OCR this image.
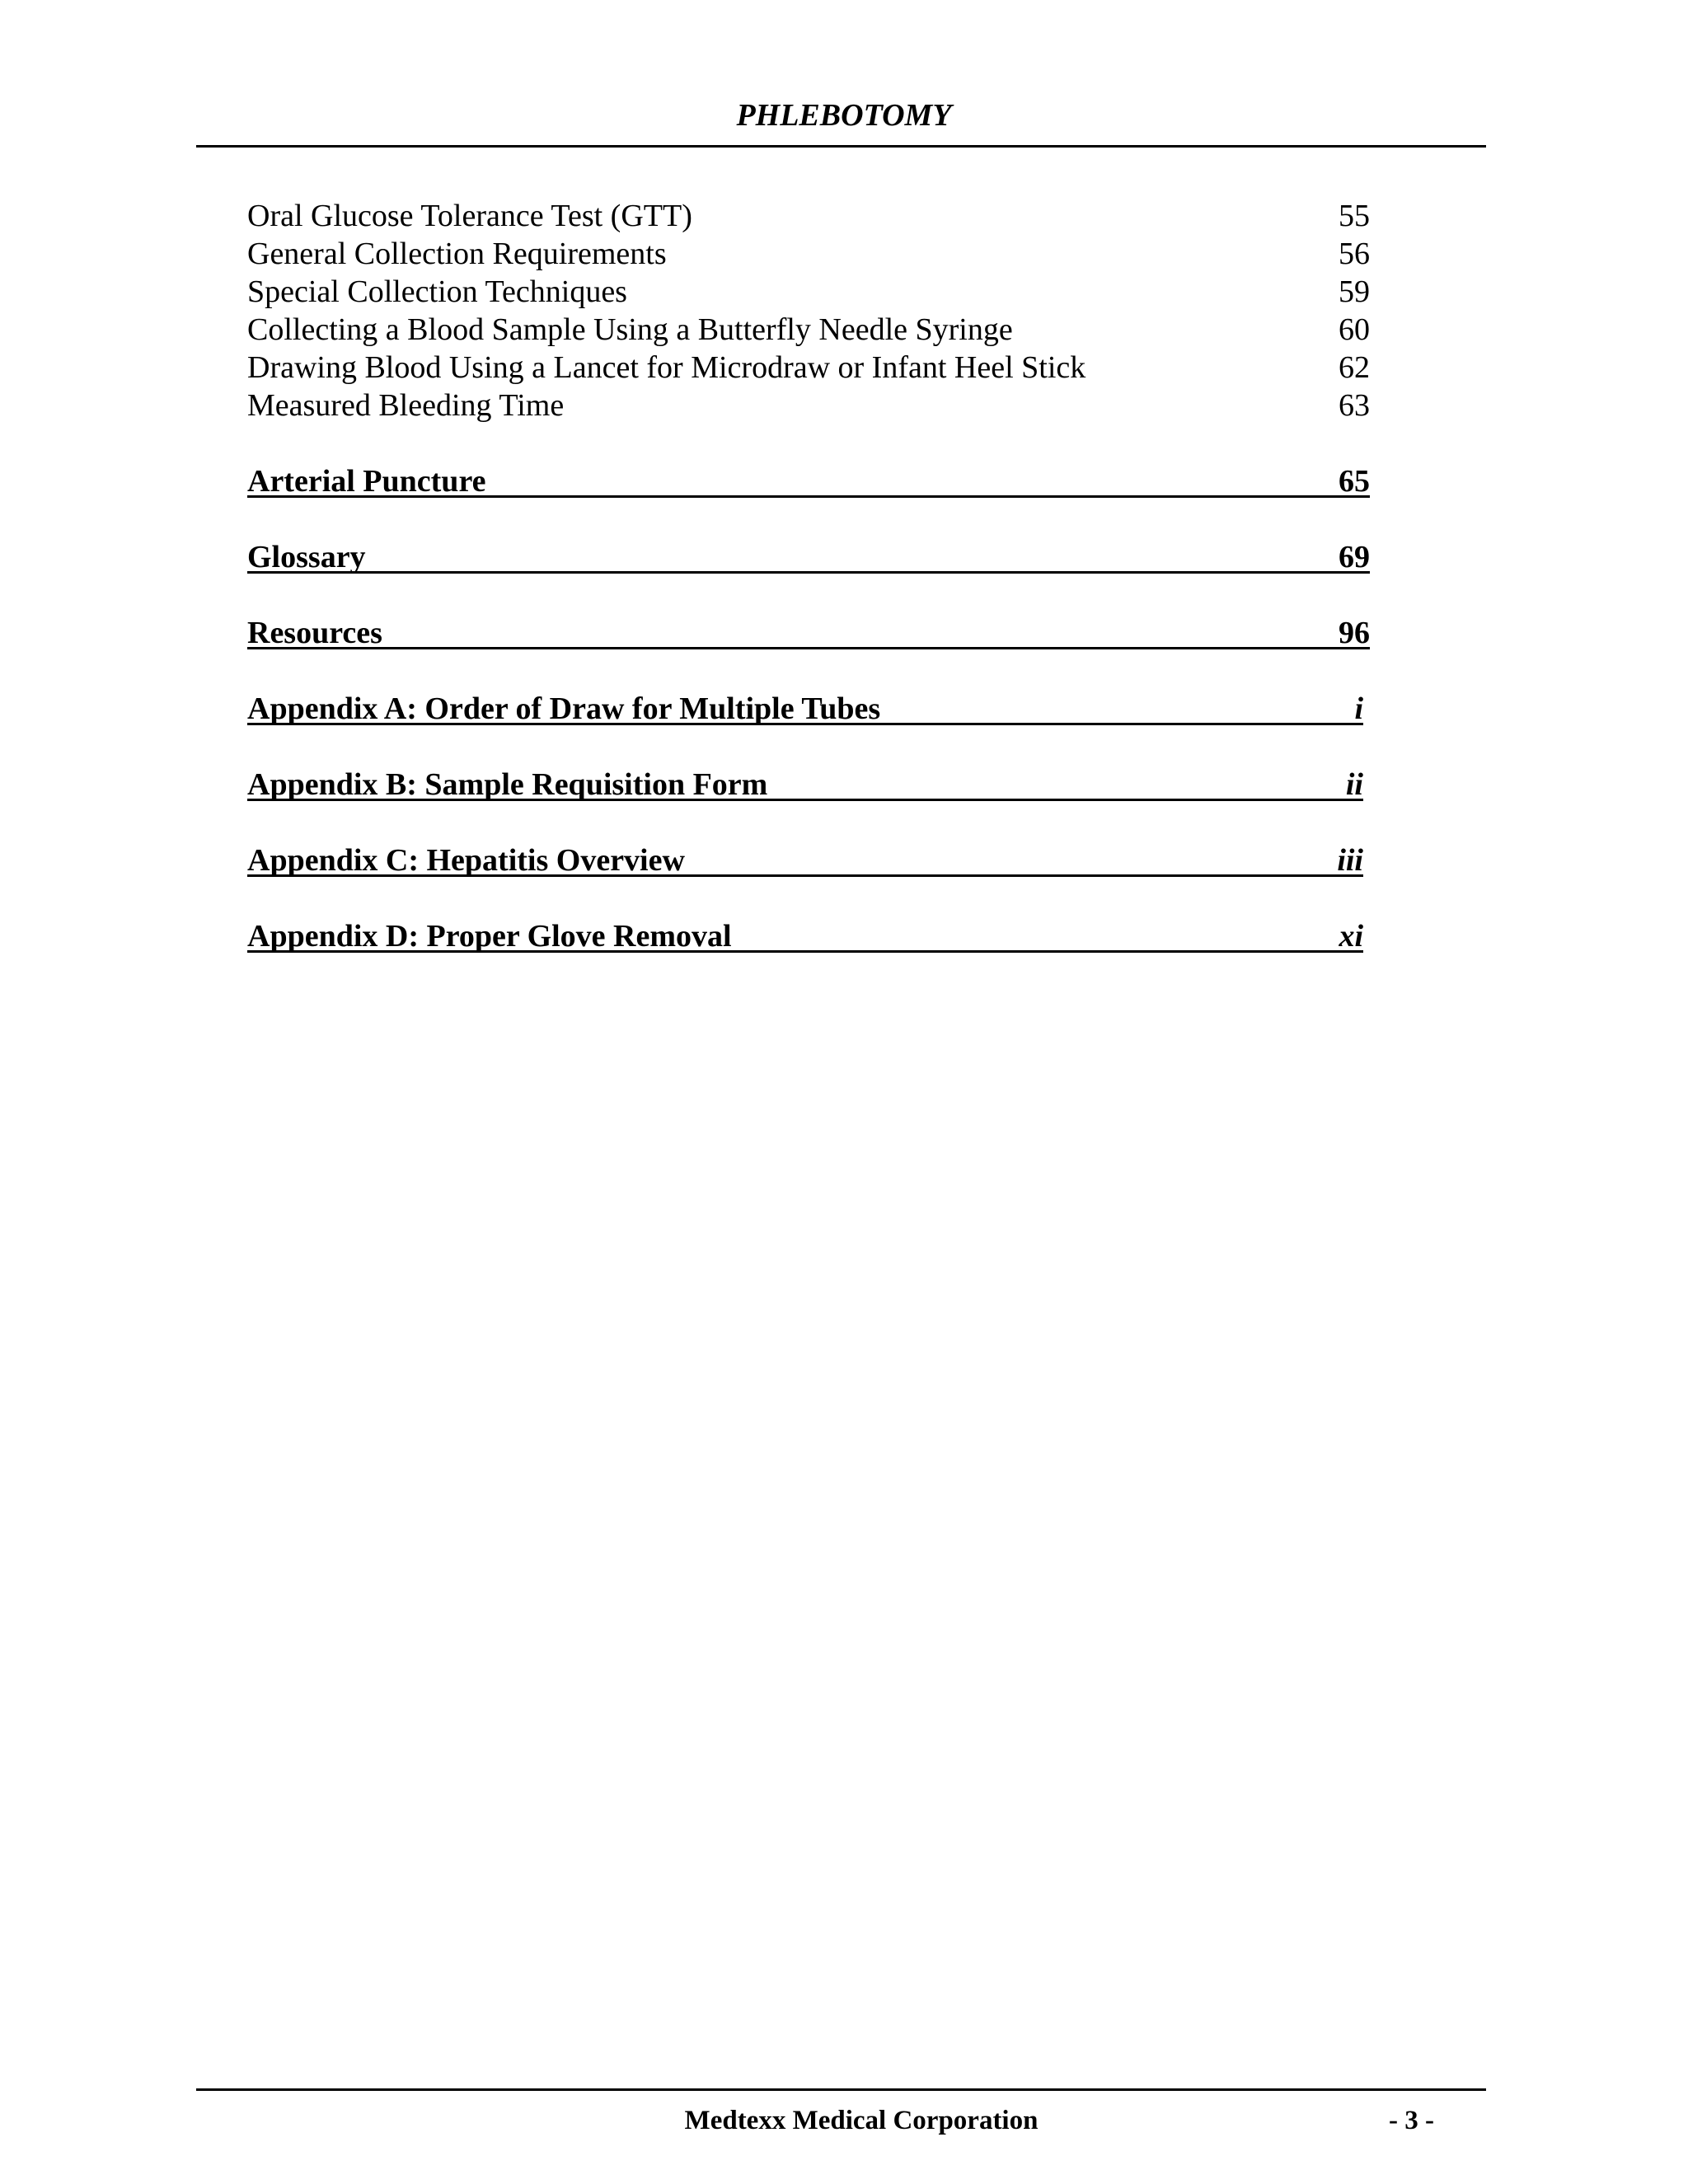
PHLEBOTOMY
Oral Glucose Tolerance Test (GTT)	55
General Collection Requirements	56
Special Collection Techniques	59
Collecting a Blood Sample Using a Butterfly Needle Syringe	60
Drawing Blood Using a Lancet for Microdraw or Infant Heel Stick	62
Measured Bleeding Time	63
Arterial Puncture	65
Glossary	69
Resources	96
Appendix A: Order of Draw for Multiple Tubes	i
Appendix B: Sample Requisition Form	ii
Appendix C: Hepatitis Overview	iii
Appendix D: Proper Glove Removal	xi
Medtexx Medical Corporation	- 3 -
